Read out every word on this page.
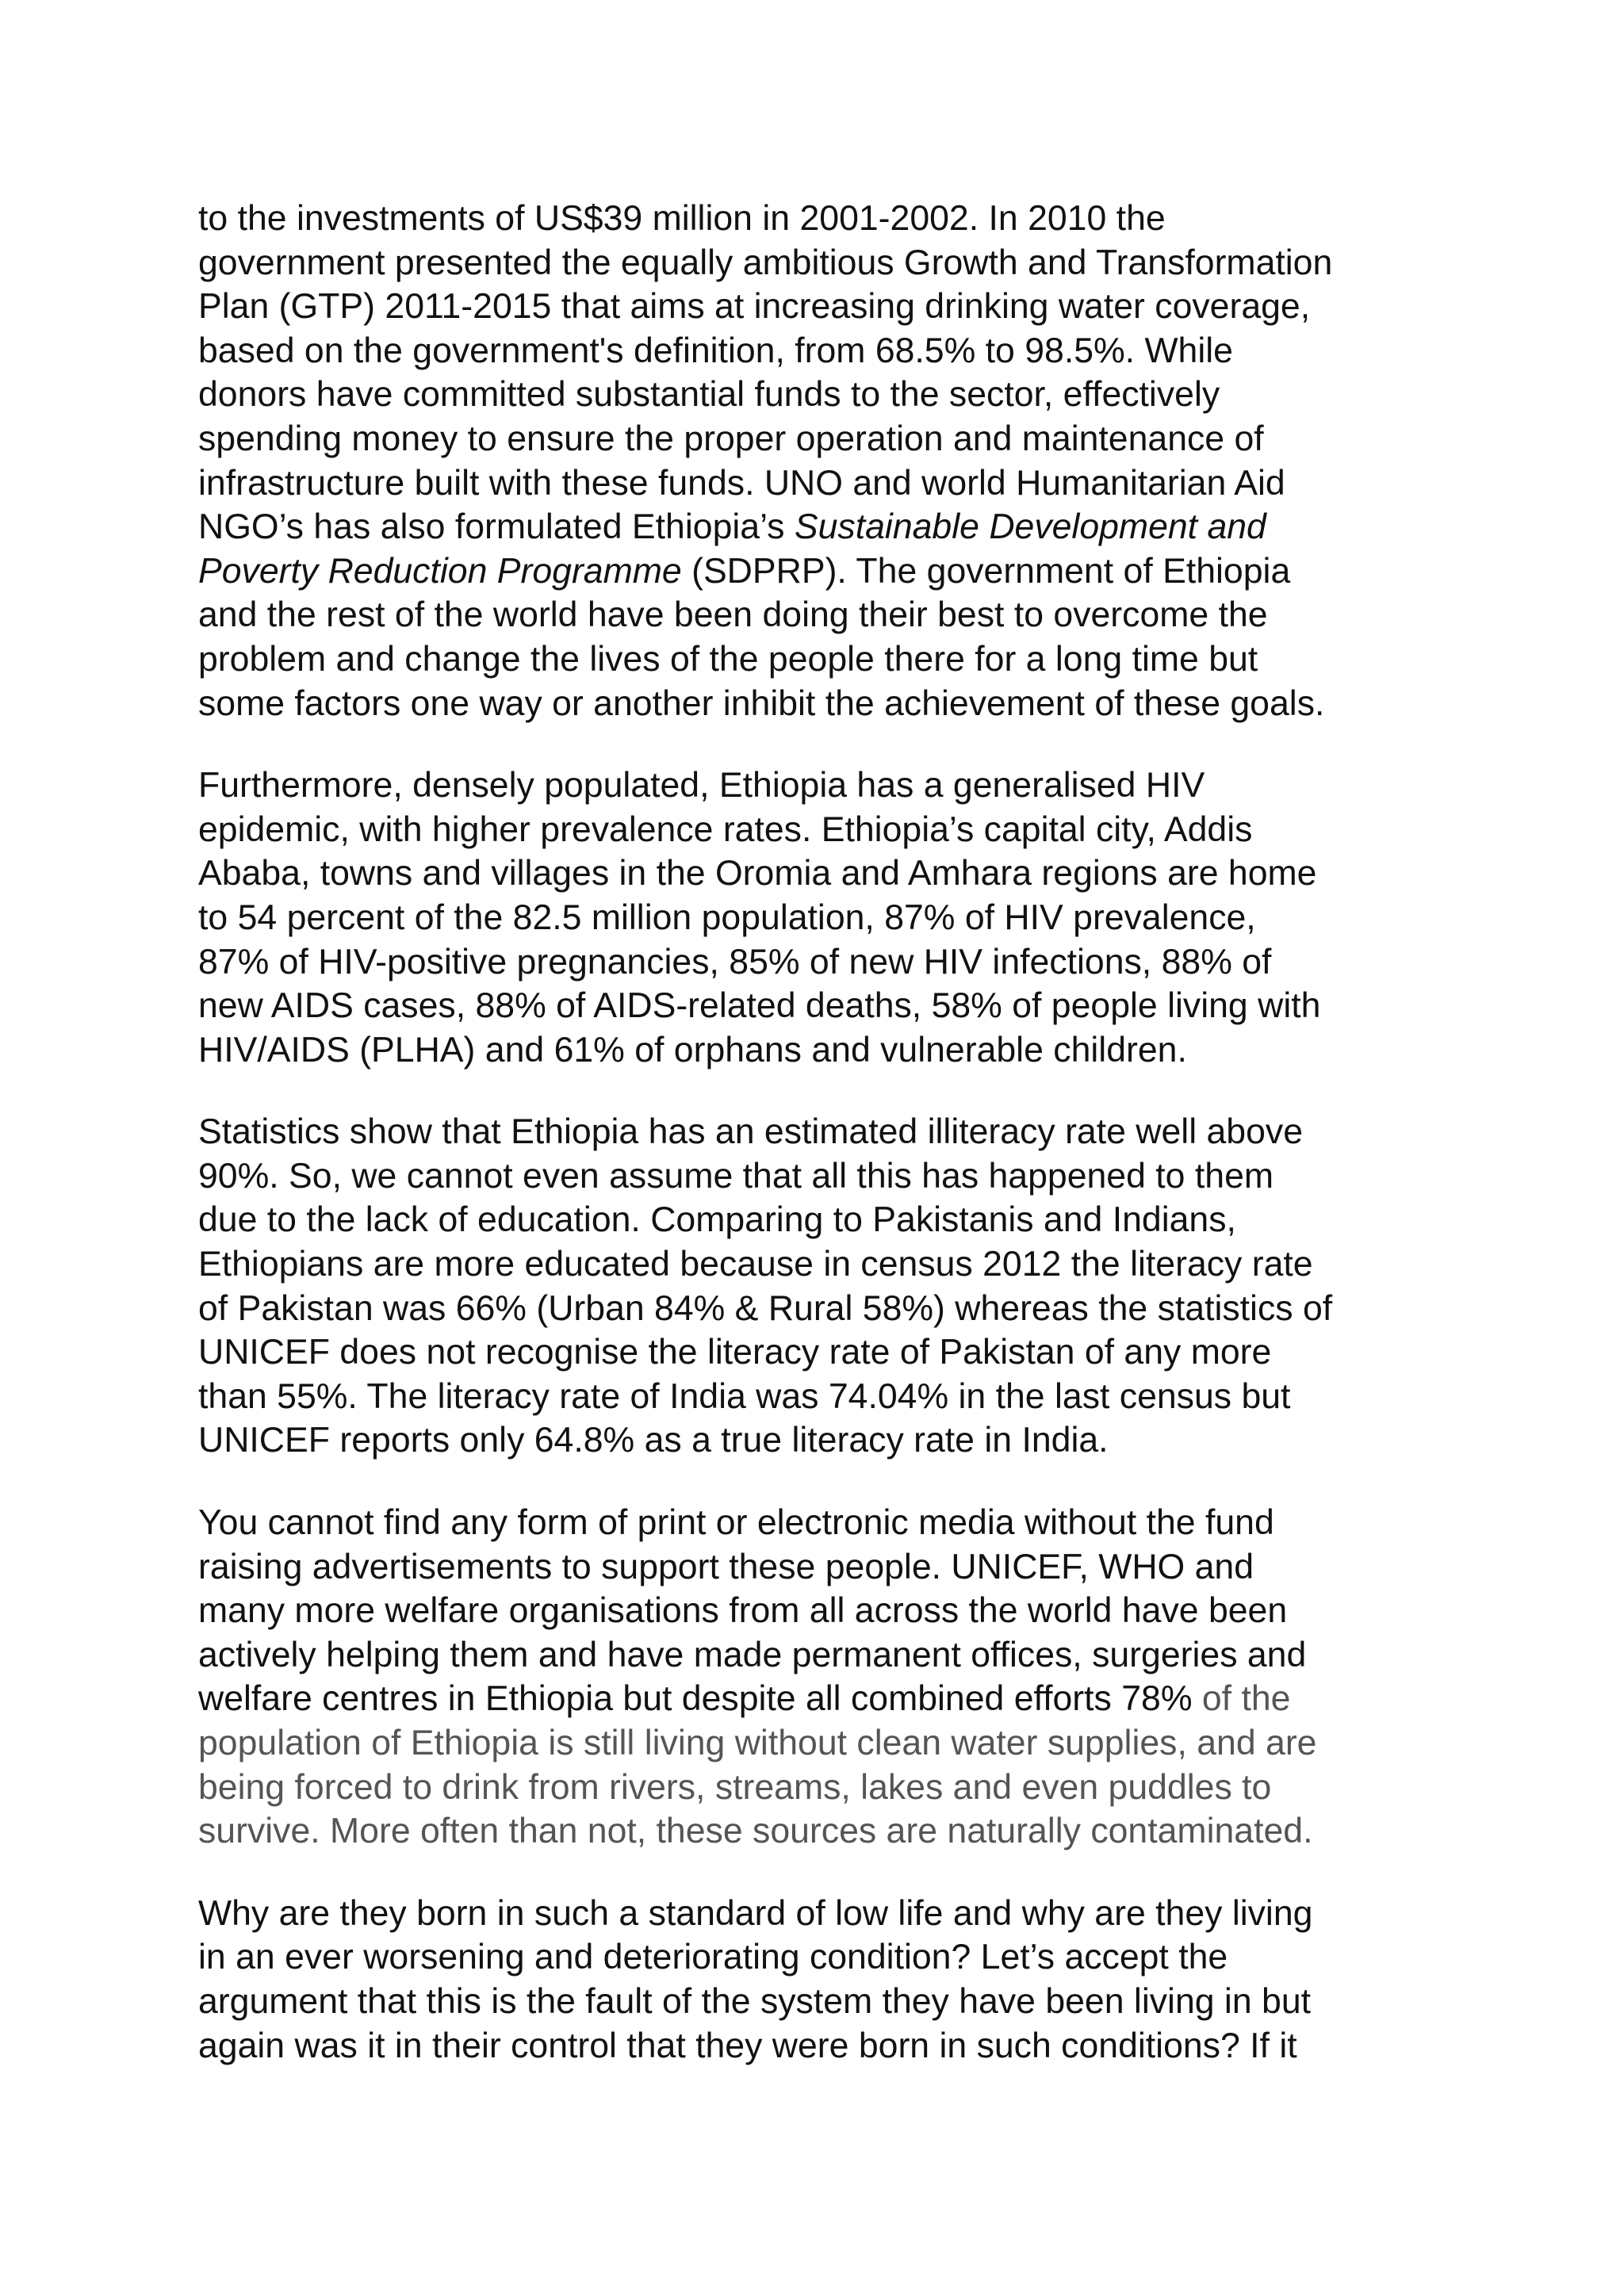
to the investments of US$39 million in 2001-2002. In 2010 the
government presented the equally ambitious Growth and Transformation
Plan (GTP) 2011-2015 that aims at increasing drinking water coverage,
based on the government's definition, from 68.5% to 98.5%. While
donors have committed substantial funds to the sector, effectively
spending money to ensure the proper operation and maintenance of
infrastructure built with these funds. UNO and world Humanitarian Aid
NGO’s has also formulated Ethiopia’s Sustainable Development and
Poverty Reduction Programme (SDPRP). The government of Ethiopia
and the rest of the world have been doing their best to overcome the
problem and change the lives of the people there for a long time but
some factors one way or another inhibit the achievement of these goals.

Furthermore, densely populated, Ethiopia has a generalised HIV
epidemic, with higher prevalence rates. Ethiopia’s capital city, Addis
Ababa, towns and villages in the Oromia and Amhara regions are home
to 54 percent of the 82.5 million population, 87% of HIV prevalence,
87% of HIV-positive pregnancies, 85% of new HIV infections, 88% of
new AIDS cases, 88% of AIDS-related deaths, 58% of people living with
HIV/AIDS (PLHA) and 61% of orphans and vulnerable children.

Statistics show that Ethiopia has an estimated illiteracy rate well above
90%. So, we cannot even assume that all this has happened to them
due to the lack of education. Comparing to Pakistanis and Indians,
Ethiopians are more educated because in census 2012 the literacy rate
of Pakistan was 66% (Urban 84% & Rural 58%) whereas the statistics of
UNICEF does not recognise the literacy rate of Pakistan of any more
than 55%. The literacy rate of India was 74.04% in the last census but
UNICEF reports only 64.8% as a true literacy rate in India.

You cannot find any form of print or electronic media without the fund
raising advertisements to support these people. UNICEF, WHO and
many more welfare organisations from all across the world have been
actively helping them and have made permanent offices, surgeries and
welfare centres in Ethiopia but despite all combined efforts 78% of the
population of Ethiopia is still living without clean water supplies, and are
being forced to drink from rivers, streams, lakes and even puddles to
survive. More often than not, these sources are naturally contaminated.

Why are they born in such a standard of low life and why are they living
in an ever worsening and deteriorating condition? Let’s accept the
argument that this is the fault of the system they have been living in but
again was it in their control that they were born in such conditions? If it
